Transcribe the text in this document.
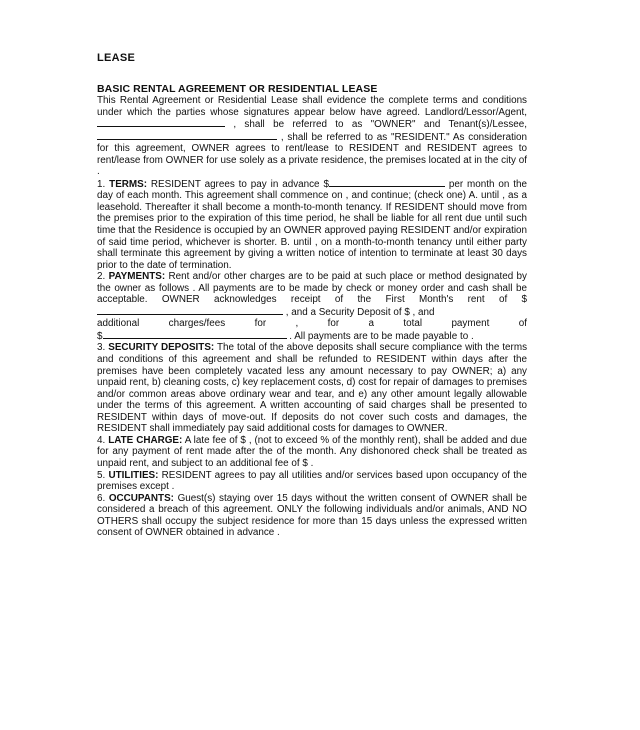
LEASE
BASIC RENTAL AGREEMENT OR RESIDENTIAL LEASE

This Rental Agreement or Residential Lease shall evidence the complete terms and conditions under which the parties whose signatures appear below have agreed. Landlord/Lessor/Agent, , shall be referred to as "OWNER" and Tenant(s)/Lessee,  , shall be referred to as "RESIDENT." As consideration for this agreement, OWNER agrees to rent/lease to RESIDENT and RESIDENT agrees to rent/lease from OWNER for use solely as a private residence, the premises located at in the city of .

1. TERMS: RESIDENT agrees to pay in advance $	per month on the day of each month. This agreement shall commence on , and continue; (check one) A. until , as a leasehold. Thereafter it shall become a month-to-month tenancy. If RESIDENT should move from the premises prior to the expiration of this time period, he shall be liable for all rent due until such time that the Residence is occupied by an OWNER approved paying RESIDENT and/or expiration of said time period, whichever is shorter. B. until , on a month-to-month tenancy until either party shall terminate this agreement by giving a written notice of intention to terminate at least 30 days prior to the date of termination.

2. PAYMENTS: Rent and/or other charges are to be paid at such place or method designated by the owner as follows . All payments are to be made by check or money order and cash shall be acceptable. OWNER acknowledges receipt of the First Month's rent of $ , and a Security Deposit of $ , and

additional	charges/fees	for	,	for	a	total	payment	of

$	. All payments are to be made payable to .

3. SECURITY DEPOSITS: The total of the above deposits shall secure compliance with the terms and conditions of this agreement and shall be refunded to RESIDENT within days after the premises have been completely vacated less any amount necessary to pay OWNER; a) any unpaid rent, b) cleaning costs, c) key replacement costs, d) cost for repair of damages to premises and/or common areas above ordinary wear and tear, and e) any other amount legally allowable under the terms of this agreement. A written accounting of said charges shall be presented to RESIDENT within days of move-out. If deposits do not cover such costs and damages, the RESIDENT shall immediately pay said additional costs for damages to OWNER.

4. LATE CHARGE: A late fee of $ , (not to exceed % of the monthly rent), shall be added and due for any payment of rent made after the of the month. Any dishonored check shall be treated as unpaid rent, and subject to an additional fee of $ .

5. UTILITIES: RESIDENT agrees to pay all utilities and/or services based upon occupancy of the premises except .

6. OCCUPANTS: Guest(s) staying over 15 days without the written consent of OWNER shall be considered a breach of this agreement. ONLY the following individuals and/or animals, AND NO OTHERS shall occupy the subject residence for more than 15 days unless the expressed written consent of OWNER obtained in advance .
